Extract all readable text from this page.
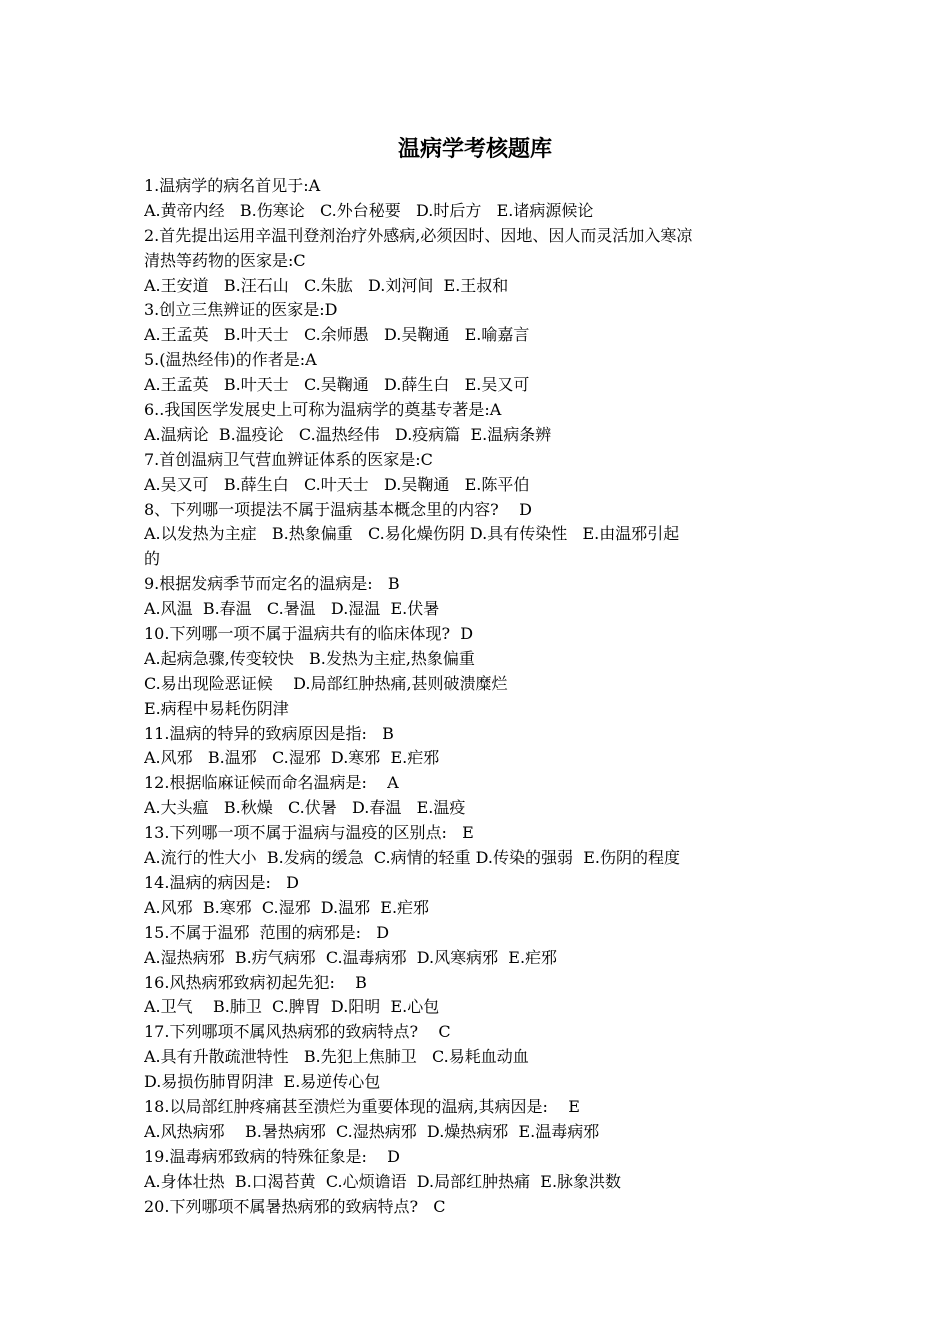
温病学考核题库
1.温病学的病名首见于:A
A.黄帝内经   B.伤寒论   C.外台秘要   D.时后方   E.诸病源候论
2.首先提出运用辛温刊登剂治疗外感病,必须因时、因地、因人而灵活加入寒凉
清热等药物的医家是:C
A.王安道   B.汪石山   C.朱肱   D.刘河间  E.王叔和
3.创立三焦辨证的医家是:D
A.王孟英   B.叶天士   C.余师愚   D.吴鞠通   E.喻嘉言
5.(温热经伟)的作者是:A
A.王孟英   B.叶天士   C.吴鞠通   D.薛生白   E.吴又可
6..我国医学发展史上可称为温病学的奠基专著是:A
A.温病论  B.温疫论   C.温热经伟   D.疫病篇  E.温病条辨
7.首创温病卫气营血辨证体系的医家是:C
A.吴又可   B.薛生白   C.叶天士   D.吴鞠通   E.陈平伯
8、下列哪一项提法不属于温病基本概念里的内容?    D
A.以发热为主症   B.热象偏重   C.易化燥伤阴 D.具有传染性   E.由温邪引起
的
9.根据发病季节而定名的温病是:   B
A.风温  B.春温   C.暑温   D.湿温  E.伏暑
10.下列哪一项不属于温病共有的临床体现?  D
A.起病急骤,传变较快   B.发热为主症,热象偏重
C.易出现险恶证候    D.局部红肿热痛,甚则破溃糜烂
E.病程中易耗伤阴津
11.温病的特异的致病原因是指:   B
A.风邪   B.温邪   C.湿邪  D.寒邪  E.疟邪
12.根据临麻证候而命名温病是:    A
A.大头瘟   B.秋燥   C.伏暑   D.春温   E.温疫
13.下列哪一项不属于温病与温疫的区别点:   E
A.流行的性大小  B.发病的缓急  C.病情的轻重 D.传染的强弱  E.伤阴的程度
14.温病的病因是:   D
A.风邪  B.寒邪  C.湿邪  D.温邪  E.疟邪
15.不属于温邪  范围的病邪是:   D
A.湿热病邪  B.疠气病邪  C.温毒病邪  D.风寒病邪  E.疟邪
16.风热病邪致病初起先犯:    B
A.卫气    B.肺卫  C.脾胃  D.阳明  E.心包
17.下列哪项不属风热病邪的致病特点?    C
A.具有升散疏泄特性   B.先犯上焦肺卫   C.易耗血动血
D.易损伤肺胃阴津  E.易逆传心包
18.以局部红肿疼痛甚至溃烂为重要体现的温病,其病因是:    E
A.风热病邪    B.暑热病邪  C.湿热病邪  D.燥热病邪  E.温毒病邪
19.温毒病邪致病的特殊征象是:    D
A.身体壮热  B.口渴苔黄  C.心烦谵语  D.局部红肿热痛  E.脉象洪数
20.下列哪项不属暑热病邪的致病特点?   C
